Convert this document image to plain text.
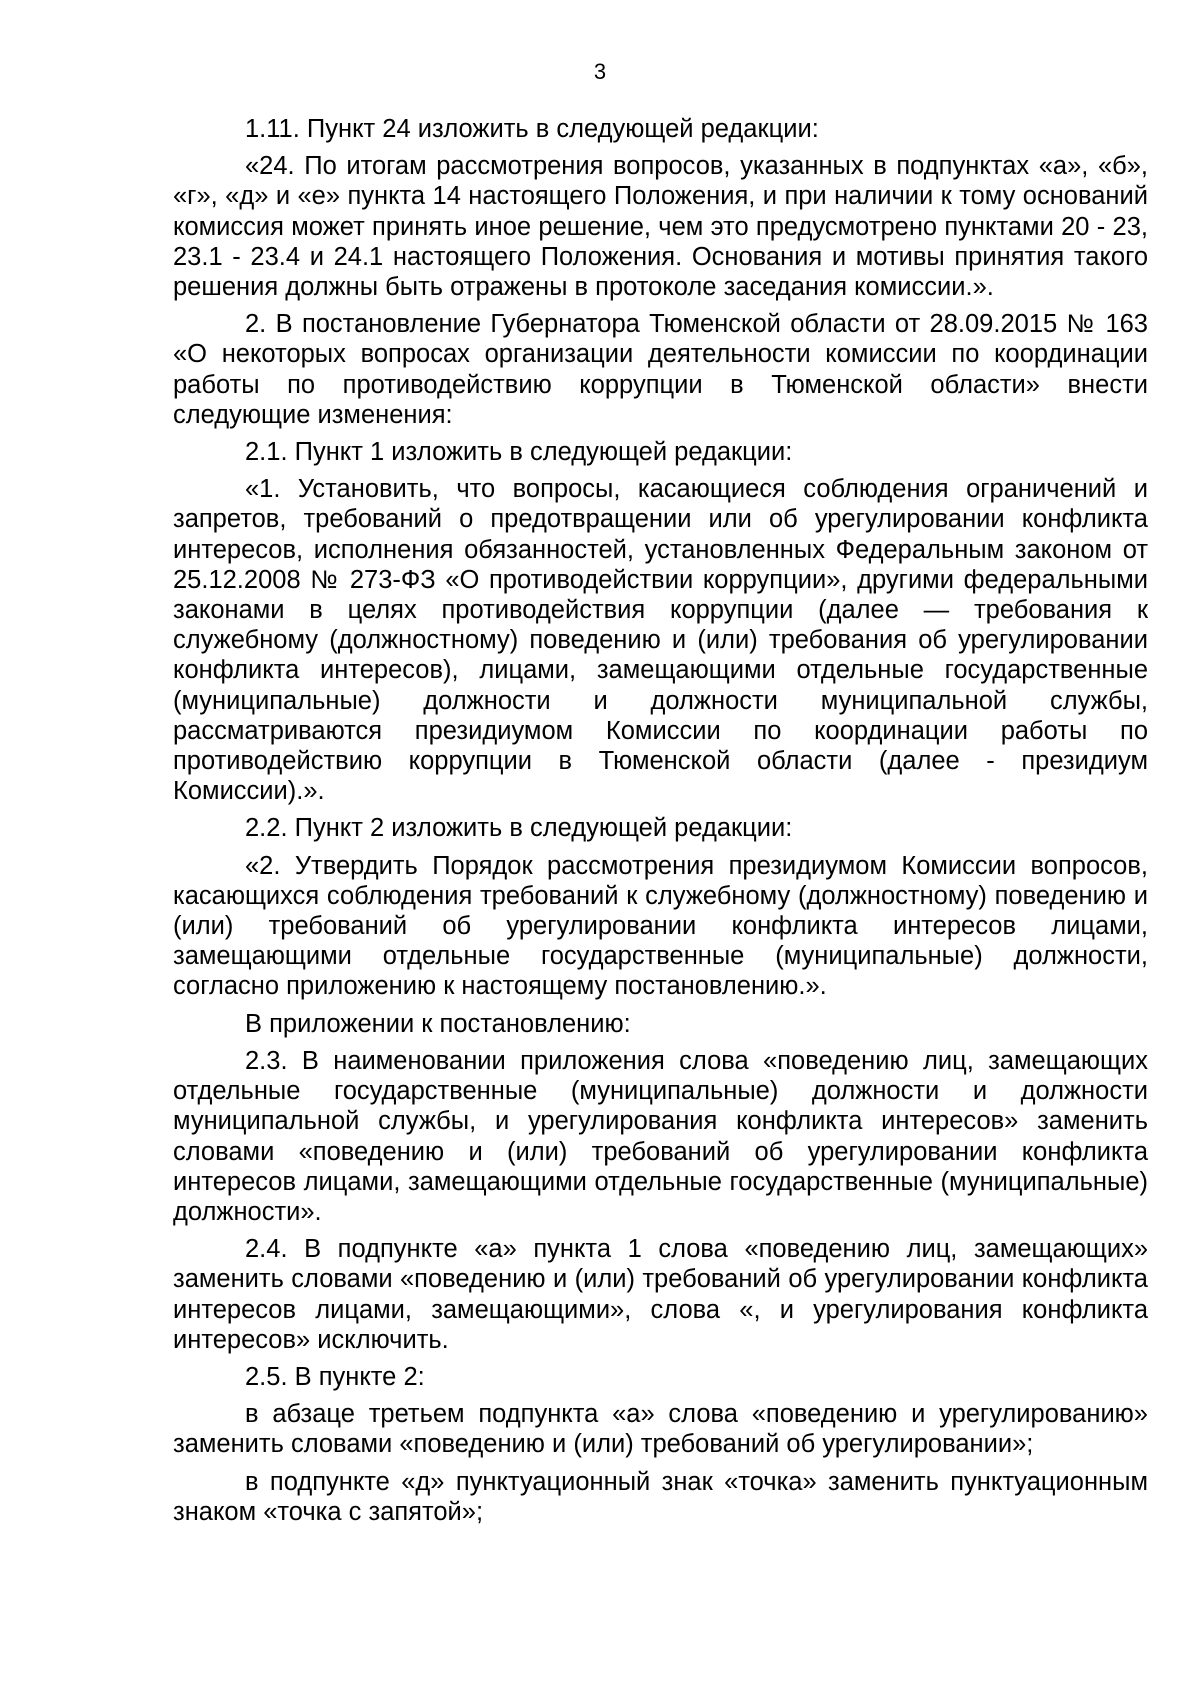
3

1.11. Пункт 24 изложить в следующей редакции:

«24. По итогам рассмотрения вопросов, указанных в подпунктах «а», «б», «г», «д» и «е» пункта 14 настоящего Положения, и при наличии к тому оснований комиссия может принять иное решение, чем это предусмотрено пунктами 20 - 23, 23.1 - 23.4 и 24.1 настоящего Положения. Основания и мотивы принятия такого решения должны быть отражены в протоколе заседания комиссии.».

2. В постановление Губернатора Тюменской области от 28.09.2015 № 163 «О некоторых вопросах организации деятельности комиссии по координации работы по противодействию коррупции в Тюменской области» внести следующие изменения:

2.1. Пункт 1 изложить в следующей редакции:

«1. Установить, что вопросы, касающиеся соблюдения ограничений и запретов, требований о предотвращении или об урегулировании конфликта интересов, исполнения обязанностей, установленных Федеральным законом от 25.12.2008 № 273-ФЗ «О противодействии коррупции», другими федеральными законами в целях противодействия коррупции (далее — требования к служебному (должностному) поведению и (или) требования об урегулировании конфликта интересов), лицами, замещающими отдельные государственные (муниципальные) должности и должности муниципальной службы, рассматриваются президиумом Комиссии по координации работы по противодействию коррупции в Тюменской области (далее - президиум Комиссии).».

2.2. Пункт 2 изложить в следующей редакции:

«2. Утвердить Порядок рассмотрения президиумом Комиссии вопросов, касающихся соблюдения требований к служебному (должностному) поведению и (или) требований об урегулировании конфликта интересов лицами, замещающими отдельные государственные (муниципальные) должности, согласно приложению к настоящему постановлению.».

В приложении к постановлению:

2.3. В наименовании приложения слова «поведению лиц, замещающих отдельные государственные (муниципальные) должности и должности муниципальной службы, и урегулирования конфликта интересов» заменить словами «поведению и (или) требований об урегулировании конфликта интересов лицами, замещающими отдельные государственные (муниципальные) должности».

2.4. В подпункте «а» пункта 1 слова «поведению лиц, замещающих» заменить словами «поведению и (или) требований об урегулировании конфликта интересов лицами, замещающими», слова «, и урегулирования конфликта интересов» исключить.

2.5. В пункте 2:

в абзаце третьем подпункта «а» слова «поведению и урегулированию» заменить словами «поведению и (или) требований об урегулировании»;

в подпункте «д» пунктуационный знак «точка» заменить пунктуационным знаком «точка с запятой»;
